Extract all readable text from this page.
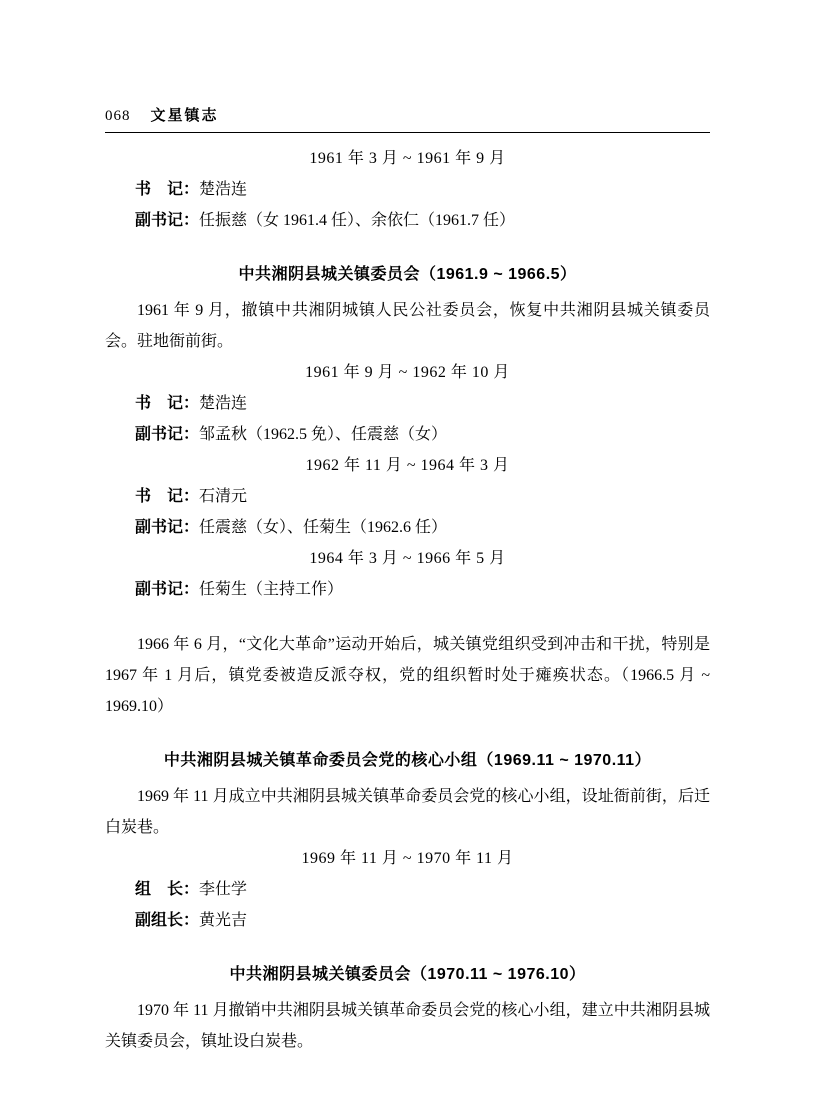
068 文星镇志
1961 年 3 月 ~ 1961 年 9 月
书　记：楚浩连
副书记：任振慈（女 1961.4 任）、余依仁（1961.7 任）
中共湘阴县城关镇委员会（1961.9 ~ 1966.5）
1961 年 9 月，撤镇中共湘阴城镇人民公社委员会，恢复中共湘阴县城关镇委员会。驻地衙前街。
1961 年 9 月 ~ 1962 年 10 月
书　记：楚浩连
副书记：邹孟秋（1962.5 免）、任震慈（女）
1962 年 11 月 ~ 1964 年 3 月
书　记：石清元
副书记：任震慈（女）、任菊生（1962.6 任）
1964 年 3 月 ~ 1966 年 5 月
副书记：任菊生（主持工作）
1966 年 6 月，“文化大革命”运动开始后，城关镇党组织受到冲击和干扰，特别是 1967 年 1 月后，镇党委被造反派夺权，党的组织暂时处于瘫痪状态。（1966.5 月 ~ 1969.10）
中共湘阴县城关镇革命委员会党的核心小组（1969.11 ~ 1970.11）
1969 年 11 月成立中共湘阴县城关镇革命委员会党的核心小组，设址衙前街，后迁白炭巷。
1969 年 11 月 ~ 1970 年 11 月
组　长：李仕学
副组长：黄光吉
中共湘阴县城关镇委员会（1970.11 ~ 1976.10）
1970 年 11 月撤销中共湘阴县城关镇革命委员会党的核心小组，建立中共湘阴县城关镇委员会，镇址设白炭巷。
